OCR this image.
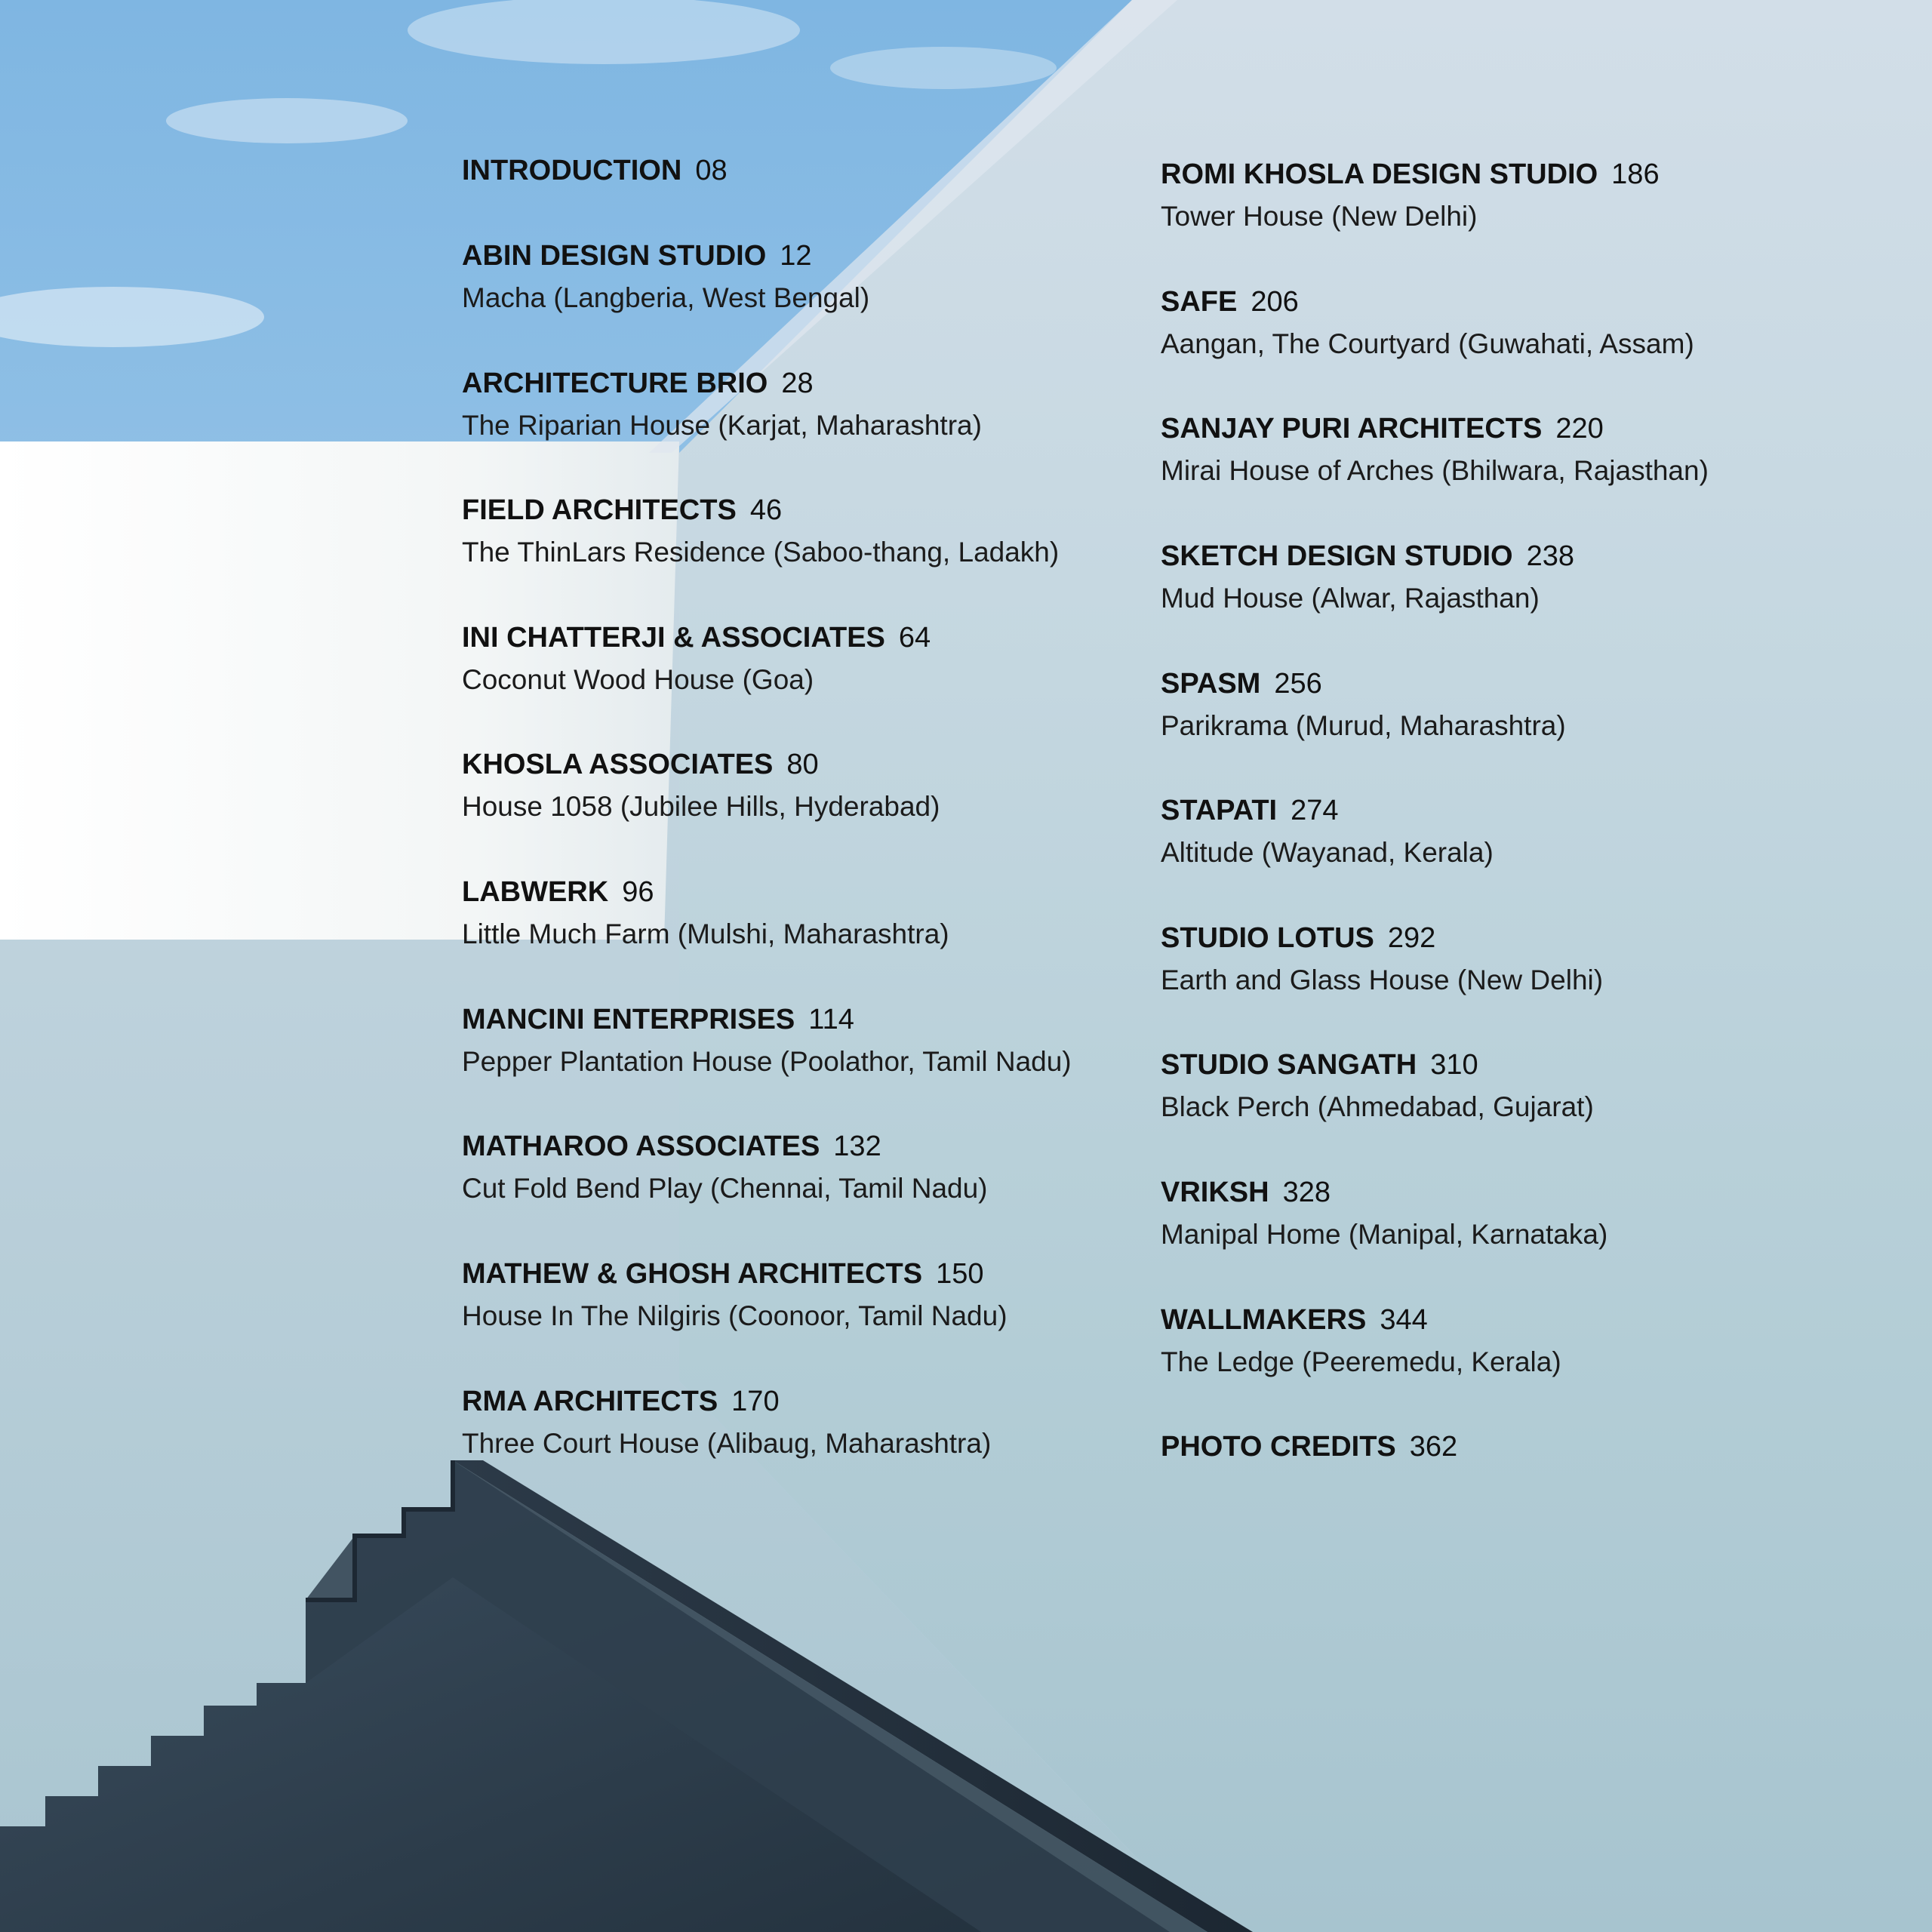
INTRODUCTION 08
ABIN DESIGN STUDIO 12
Macha (Langberia, West Bengal)
ARCHITECTURE BRIO 28
The Riparian House (Karjat, Maharashtra)
FIELD ARCHITECTS 46
The ThinLars Residence (Saboo-thang, Ladakh)
INI CHATTERJI & ASSOCIATES 64
Coconut Wood House (Goa)
KHOSLA ASSOCIATES 80
House 1058 (Jubilee Hills, Hyderabad)
LABWERK 96
Little Much Farm (Mulshi, Maharashtra)
MANCINI ENTERPRISES 114
Pepper Plantation House (Poolathor, Tamil Nadu)
MATHAROO ASSOCIATES 132
Cut Fold Bend Play (Chennai, Tamil Nadu)
MATHEW & GHOSH ARCHITECTS 150
House In The Nilgiris (Coonoor, Tamil Nadu)
RMA ARCHITECTS 170
Three Court House (Alibaug, Maharashtra)
ROMI KHOSLA DESIGN STUDIO 186
Tower House (New Delhi)
SAFE 206
Aangan, The Courtyard (Guwahati, Assam)
SANJAY PURI ARCHITECTS 220
Mirai House of Arches (Bhilwara, Rajasthan)
SKETCH DESIGN STUDIO 238
Mud House (Alwar, Rajasthan)
SPASM 256
Parikrama (Murud, Maharashtra)
STAPATI 274
Altitude (Wayanad, Kerala)
STUDIO LOTUS 292
Earth and Glass House (New Delhi)
STUDIO SANGATH 310
Black Perch (Ahmedabad, Gujarat)
VRIKSH 328
Manipal Home (Manipal, Karnataka)
WALLMAKERS 344
The Ledge (Peeremedu, Kerala)
PHOTO CREDITS 362
